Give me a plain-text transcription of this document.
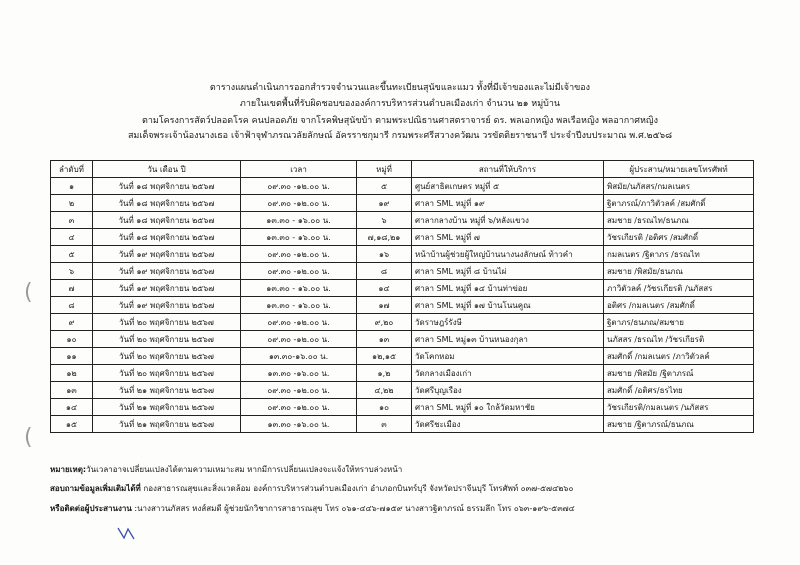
ตารางแผนดำเนินการออกสำรวจจำนวนและขึ้นทะเบียนสุนัขและแมว ทั้งที่มีเจ้าของและไม่มีเจ้าของ
ภายในเขตพื้นที่รับผิดชอบขององค์การบริหารส่วนตำบลเมืองเก่า จำนวน ๒๑ หมู่บ้าน
ตามโครงการสัตว์ปลอดโรค คนปลอดภัย จากโรคพิษสุนัขบ้า ตามพระปณิธานศาสตราจารย์ ดร. พลเอกหญิง พลเรือหญิง พลอากาศหญิง
สมเด็จพระเจ้าน้องนางเธอ เจ้าฟ้าจุฬาภรณวลัยลักษณ์ อัครราชกุมารี กรมพระศรีสวางควัฒน วรขัตติยราชนารี ประจำปีงบประมาณ พ.ศ.๒๕๖๘
ลำดับที่	วัน เดือน ปี	เวลา	หมู่ที่	สถานที่ให้บริการ	ผู้ประสาน/หมายเลขโทรศัพท์
๑	วันที่ ๑๘ พฤศจิกายน ๒๕๖๗	๐๙.๓๐ -๑๒.๐๐ น.	๕	ศูนย์สาธิตเกษตร หมู่ที่ ๕	พิสมัย/นภัสสร/กมลเนตร
๒	วันที่ ๑๘ พฤศจิกายน ๒๕๖๗	๐๙.๓๐ -๑๒.๐๐ น.	๑๙	ศาลา SML หมู่ที่ ๑๙	ฐิตาภรณ์/ภาวิตัวลค์ /สมศักดิ์
๓	วันที่ ๑๘ พฤศจิกายน ๒๕๖๗	๑๓.๓๐ - ๑๖.๐๐ น.	๖	ศาลากลางบ้าน หมู่ที่ ๖/หลังแขวง	สมชาย /ธรณไท/ธนภณ
๔	วันที่ ๑๘ พฤศจิกายน ๒๕๖๗	๑๓.๓๐ - ๑๖.๐๐ น.	๗,๑๘,๒๑	ศาลา SML หมู่ที่ ๗	วัชรเกียรติ /อติศร /สมศักดิ์
๕	วันที่ ๑๙ พฤศจิกายน ๒๕๖๗	๐๙.๓๐ -๑๒.๐๐ น.	๑๖	หน้าบ้านผู้ช่วยผู้ใหญ่บ้านนางนงลักษณ์ ท้าวคำ	กมลเนตร /ฐิตาภร /ธรณไท
๖	วันที่ ๑๙ พฤศจิกายน ๒๕๖๗	๐๙.๓๐ -๑๒.๐๐ น.	๘	ศาลา SML หมู่ที่ ๘ บ้านไผ่	สมชาย /พิสมัย/ธนภณ
๗	วันที่ ๑๙ พฤศจิกายน ๒๕๖๗	๑๓.๓๐ - ๑๖.๐๐ น.	๑๔	ศาลา SML หมู่ที่ ๑๔ บ้านท่าข่อย	ภาวิตัวลค์ /วัชรเกียรติ /นภัสสร
๘	วันที่ ๑๙ พฤศจิกายน ๒๕๖๗	๑๓.๓๐ - ๑๖.๐๐ น.	๑๗	ศาลา SML หมู่ที่ ๑๗ บ้านโนนคูณ	อติศร /กมลเนตร /สมศักดิ์
๙	วันที่ ๒๐ พฤศจิกายน ๒๕๖๗	๐๙.๓๐ -๑๒.๐๐ น.	๙,๒๐	วัดราษฎร์รังษี	ฐิตาภร/ธนภณ/สมชาย
๑๐	วันที่ ๒๐ พฤศจิกายน ๒๕๖๗	๐๙.๓๐ -๑๒.๐๐ น.	๑๓	ศาลา SML หมู่๑๓ บ้านหนองกุลา	นภัสสร /ธรณไท /วัชรเกียรติ
๑๑	วันที่ ๒๐ พฤศจิกายน ๒๕๖๗	๑๓.๓๐-๑๖.๐๐ น.	๑๒,๑๕	วัดโคกหอม	สมศักดิ์ /กมลเนตร /ภาวิตัวลค์
๑๒	วันที่ ๒๐ พฤศจิกายน ๒๕๖๗	๑๓.๓๐ -๑๖.๐๐ น.	๑,๒	วัดกลางเมืองเก่า	สมชาย /พิสมัย /ฐิตาภรณ์
๑๓	วันที่ ๒๑ พฤศจิกายน ๒๕๖๗	๐๙.๓๐ -๑๒.๐๐ น.	๔,๒๒	วัดศรีบุญเรือง	สมศักดิ์ /อติศร/ธรไทย
๑๔	วันที่ ๒๑ พฤศจิกายน ๒๕๖๗	๐๙.๓๐ -๑๒.๐๐ น.	๑๐	ศาลา SML หมู่ที่ ๑๐ ใกล้วัดมหาชัย	วัชรเกียรติ/กมลเนตร /นภัสสร
๑๕	วันที่ ๒๑ พฤศจิกายน ๒๕๖๗	๑๓.๓๐ -๑๖.๐๐ น.	๓	วัดศรีชะเมือง	สมชาย /ฐิตาภรณ์/ธนภณ
หมายเหตุ:วันเวลาอาจเปลี่ยนแปลงได้ตามความเหมาะสม หากมีการเปลี่ยนแปลงจะแจ้งให้ทราบล่วงหน้า
สอบถามข้อมูลเพิ่มเติมได้ที่ กองสาธารณสุขและสิ่งแวดล้อม องค์การบริหารส่วนตำบลเมืองเก่า อำเภอกบินทร์บุรี จังหวัดปราจีนบุรี โทรศัพท์ ๐๓๗-๕๗๔๒๖๐
หรือติดต่อผู้ประสานงาน :นางสาวนภัสสร หงส์สมดี ผู้ช่วยนักวิชาการสาธารณสุข โทร ๐๖๑-๔๔๖-๗๑๕๙ นางสาวฐิตาภรณ์ ธรรมลึก โทร ๐๖๓-๑๙๖-๕๓๗๔
(
(
